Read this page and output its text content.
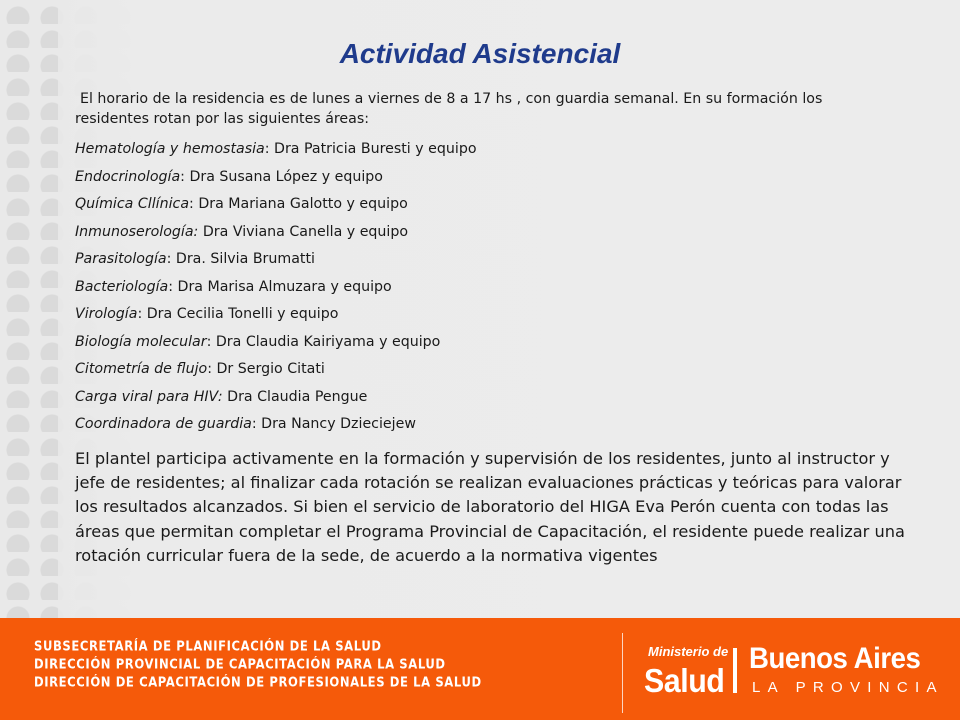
Actividad Asistencial

El horario de la residencia es de lunes a viernes de 8 a 17 hs , con guardia semanal. En su formación los residentes rotan por las siguientes áreas:

Hematología y hemostasia: Dra Patricia Buresti y equipo
Endocrinología: Dra Susana López y equipo
Química Cllínica: Dra Mariana Galotto y equipo
Inmunoserología: Dra Viviana Canella y equipo
Parasitología: Dra. Silvia Brumatti
Bacteriología: Dra Marisa Almuzara y equipo
Virología: Dra Cecilia Tonelli y equipo
Biología molecular: Dra Claudia Kairiyama y equipo
Citometría de flujo: Dr Sergio Citati
Carga viral para HIV: Dra Claudia Pengue
Coordinadora de guardia: Dra Nancy Dzieciejew

El plantel participa activamente en la formación y supervisión de los residentes, junto al instructor y jefe de residentes; al finalizar cada rotación se realizan evaluaciones prácticas y teóricas para valorar los resultados alcanzados. Si bien el servicio de laboratorio del HIGA Eva Perón cuenta con todas las áreas que permitan completar el Programa Provincial de Capacitación, el residente puede realizar una rotación curricular fuera de la sede, de acuerdo a la normativa vigentes

SUBSECRETARÍA DE PLANIFICACIÓN DE LA SALUD
DIRECCIÓN PROVINCIAL DE CAPACITACIÓN PARA LA SALUD
DIRECCIÓN DE CAPACITACIÓN DE PROFESIONALES DE LA SALUD
Ministerio de
Salud
Buenos Aires
LA PROVINCIA
